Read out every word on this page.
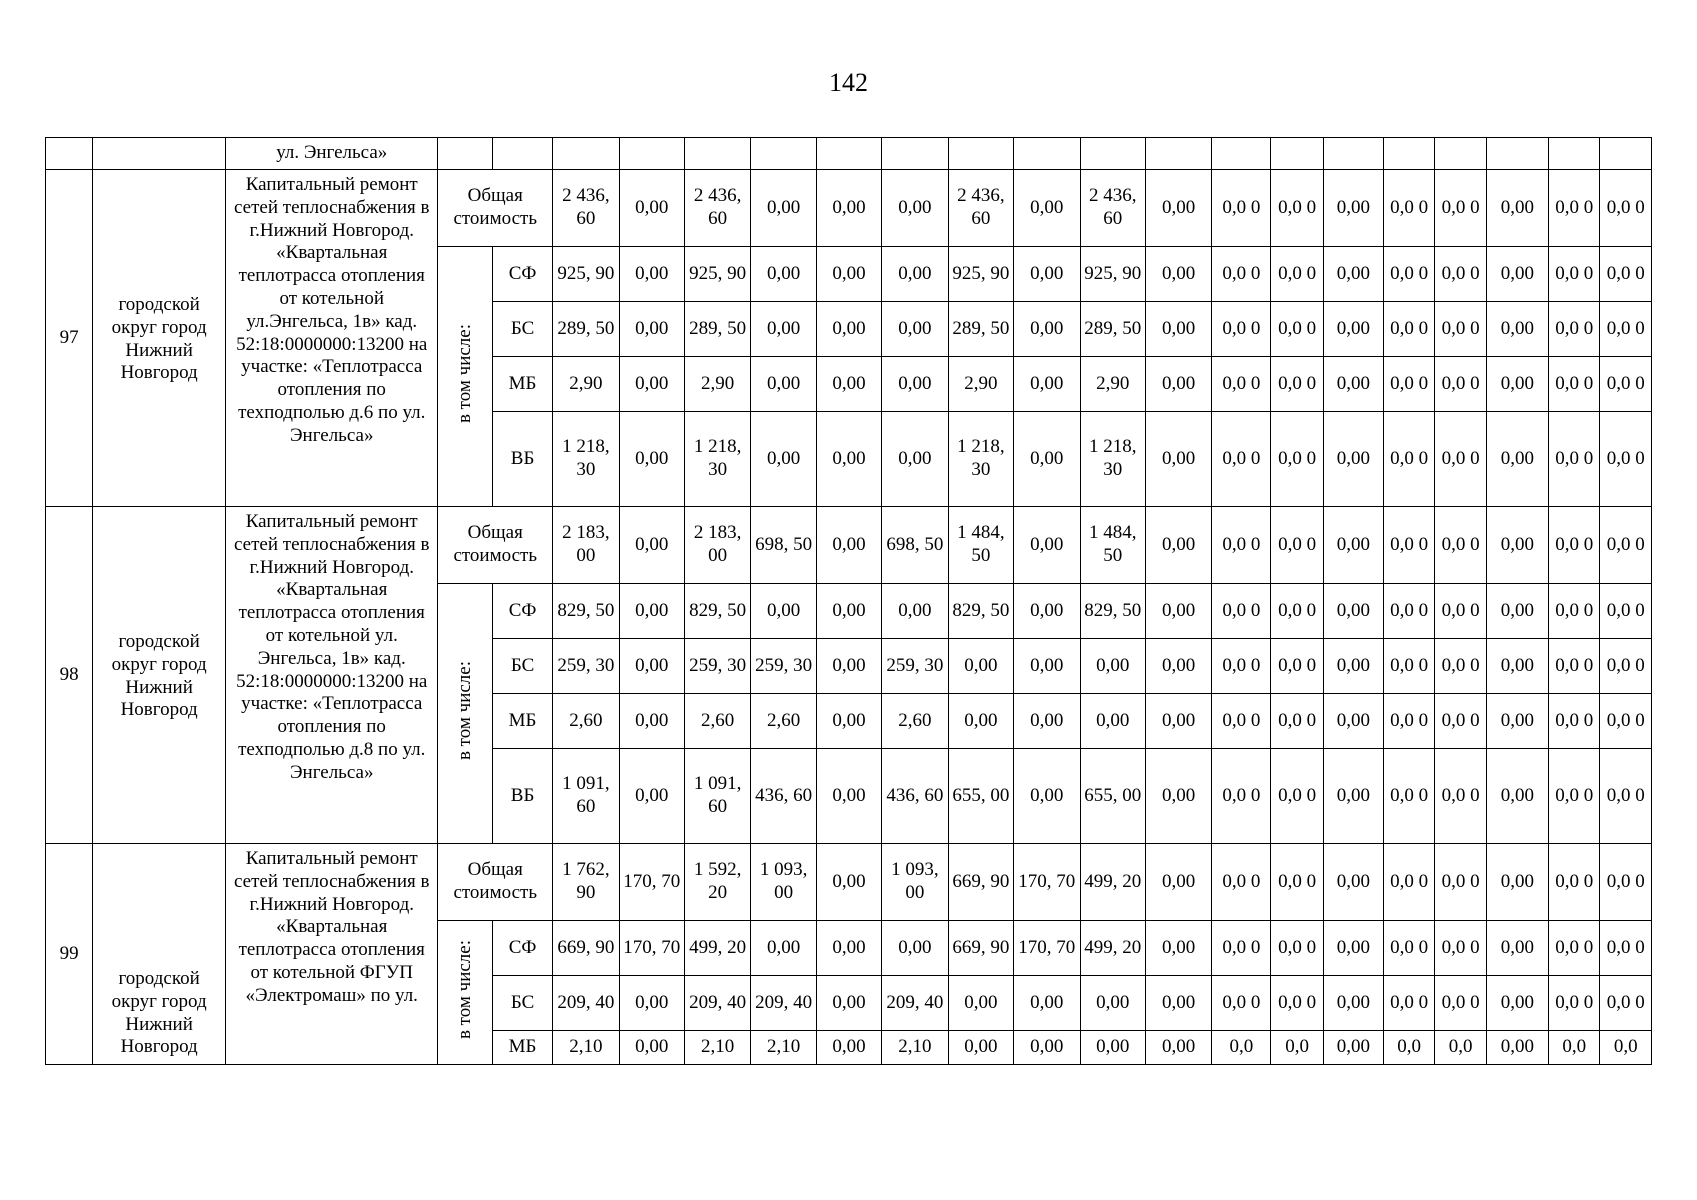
142
		ул. Энгельса»																				
97	городской округ город Нижний Новгород	Капитальный ремонт сетей теплоснабжения в г.Нижний Новгород. «Квартальная теплотрасса отопления от котельной ул.Энгельса, 1в» кад. 52:18:0000000:13200 на участке: «Теплотрасса отопления по техподполью д.6 по ул. Энгельса»	Общая стоимость		2 436, 60	0,00	2 436, 60	0,00	0,00	0,00	2 436, 60	0,00	2 436, 60	0,00	0,0 0	0,0 0	0,00	0,0 0	0,0 0	0,00	0,0 0	0,0 0
			в том числе:	СФ	925, 90	0,00	925, 90	0,00	0,00	0,00	925, 90	0,00	925, 90	0,00	0,0 0	0,0 0	0,00	0,0 0	0,0 0	0,00	0,0 0	0,0 0
				БС	289, 50	0,00	289, 50	0,00	0,00	0,00	289, 50	0,00	289, 50	0,00	0,0 0	0,0 0	0,00	0,0 0	0,0 0	0,00	0,0 0	0,0 0
				МБ	2,90	0,00	2,90	0,00	0,00	0,00	2,90	0,00	2,90	0,00	0,0 0	0,0 0	0,00	0,0 0	0,0 0	0,00	0,0 0	0,0 0
				ВБ	1 218, 30	0,00	1 218, 30	0,00	0,00	0,00	1 218, 30	0,00	1 218, 30	0,00	0,0 0	0,0 0	0,00	0,0 0	0,0 0	0,00	0,0 0	0,0 0
98	городской округ город Нижний Новгород	Капитальный ремонт сетей теплоснабжения в г.Нижний Новгород. «Квартальная теплотрасса отопления от котельной ул. Энгельса, 1в» кад. 52:18:0000000:13200 на участке: «Теплотрасса отопления по техподполью д.8 по ул. Энгельса»	Общая стоимость		2 183, 00	0,00	2 183, 00	698, 50	0,00	698, 50	1 484, 50	0,00	1 484, 50	0,00	0,0 0	0,0 0	0,00	0,0 0	0,0 0	0,00	0,0 0	0,0 0
			в том числе:	СФ	829, 50	0,00	829, 50	0,00	0,00	0,00	829, 50	0,00	829, 50	0,00	0,0 0	0,0 0	0,00	0,0 0	0,0 0	0,00	0,0 0	0,0 0
				БС	259, 30	0,00	259, 30	259, 30	0,00	259, 30	0,00	0,00	0,00	0,00	0,0 0	0,0 0	0,00	0,0 0	0,0 0	0,00	0,0 0	0,0 0
				МБ	2,60	0,00	2,60	2,60	0,00	2,60	0,00	0,00	0,00	0,00	0,0 0	0,0 0	0,00	0,0 0	0,0 0	0,00	0,0 0	0,0 0
				ВБ	1 091, 60	0,00	1 091, 60	436, 60	0,00	436, 60	655, 00	0,00	655, 00	0,00	0,0 0	0,0 0	0,00	0,0 0	0,0 0	0,00	0,0 0	0,0 0
99	городской округ город Нижний Новгород	Капитальный ремонт сетей теплоснабжения в г.Нижний Новгород. «Квартальная теплотрасса отопления от котельной ФГУП «Электромаш» по ул.	Общая стоимость		1 762, 90	170, 70	1 592, 20	1 093, 00	0,00	1 093, 00	669, 90	170, 70	499, 20	0,00	0,0 0	0,0 0	0,00	0,0 0	0,0 0	0,00	0,0 0	0,0 0
			в том числе:	СФ	669, 90	170, 70	499, 20	0,00	0,00	0,00	669, 90	170, 70	499, 20	0,00	0,0 0	0,0 0	0,00	0,0 0	0,0 0	0,00	0,0 0	0,0 0
				БС	209, 40	0,00	209, 40	209, 40	0,00	209, 40	0,00	0,00	0,00	0,00	0,0 0	0,0 0	0,00	0,0 0	0,0 0	0,00	0,0 0	0,0 0
				МБ	2,10	0,00	2,10	2,10	0,00	2,10	0,00	0,00	0,00	0,00	0,0	0,0	0,00	0,0	0,0	0,00	0,0	0,0
